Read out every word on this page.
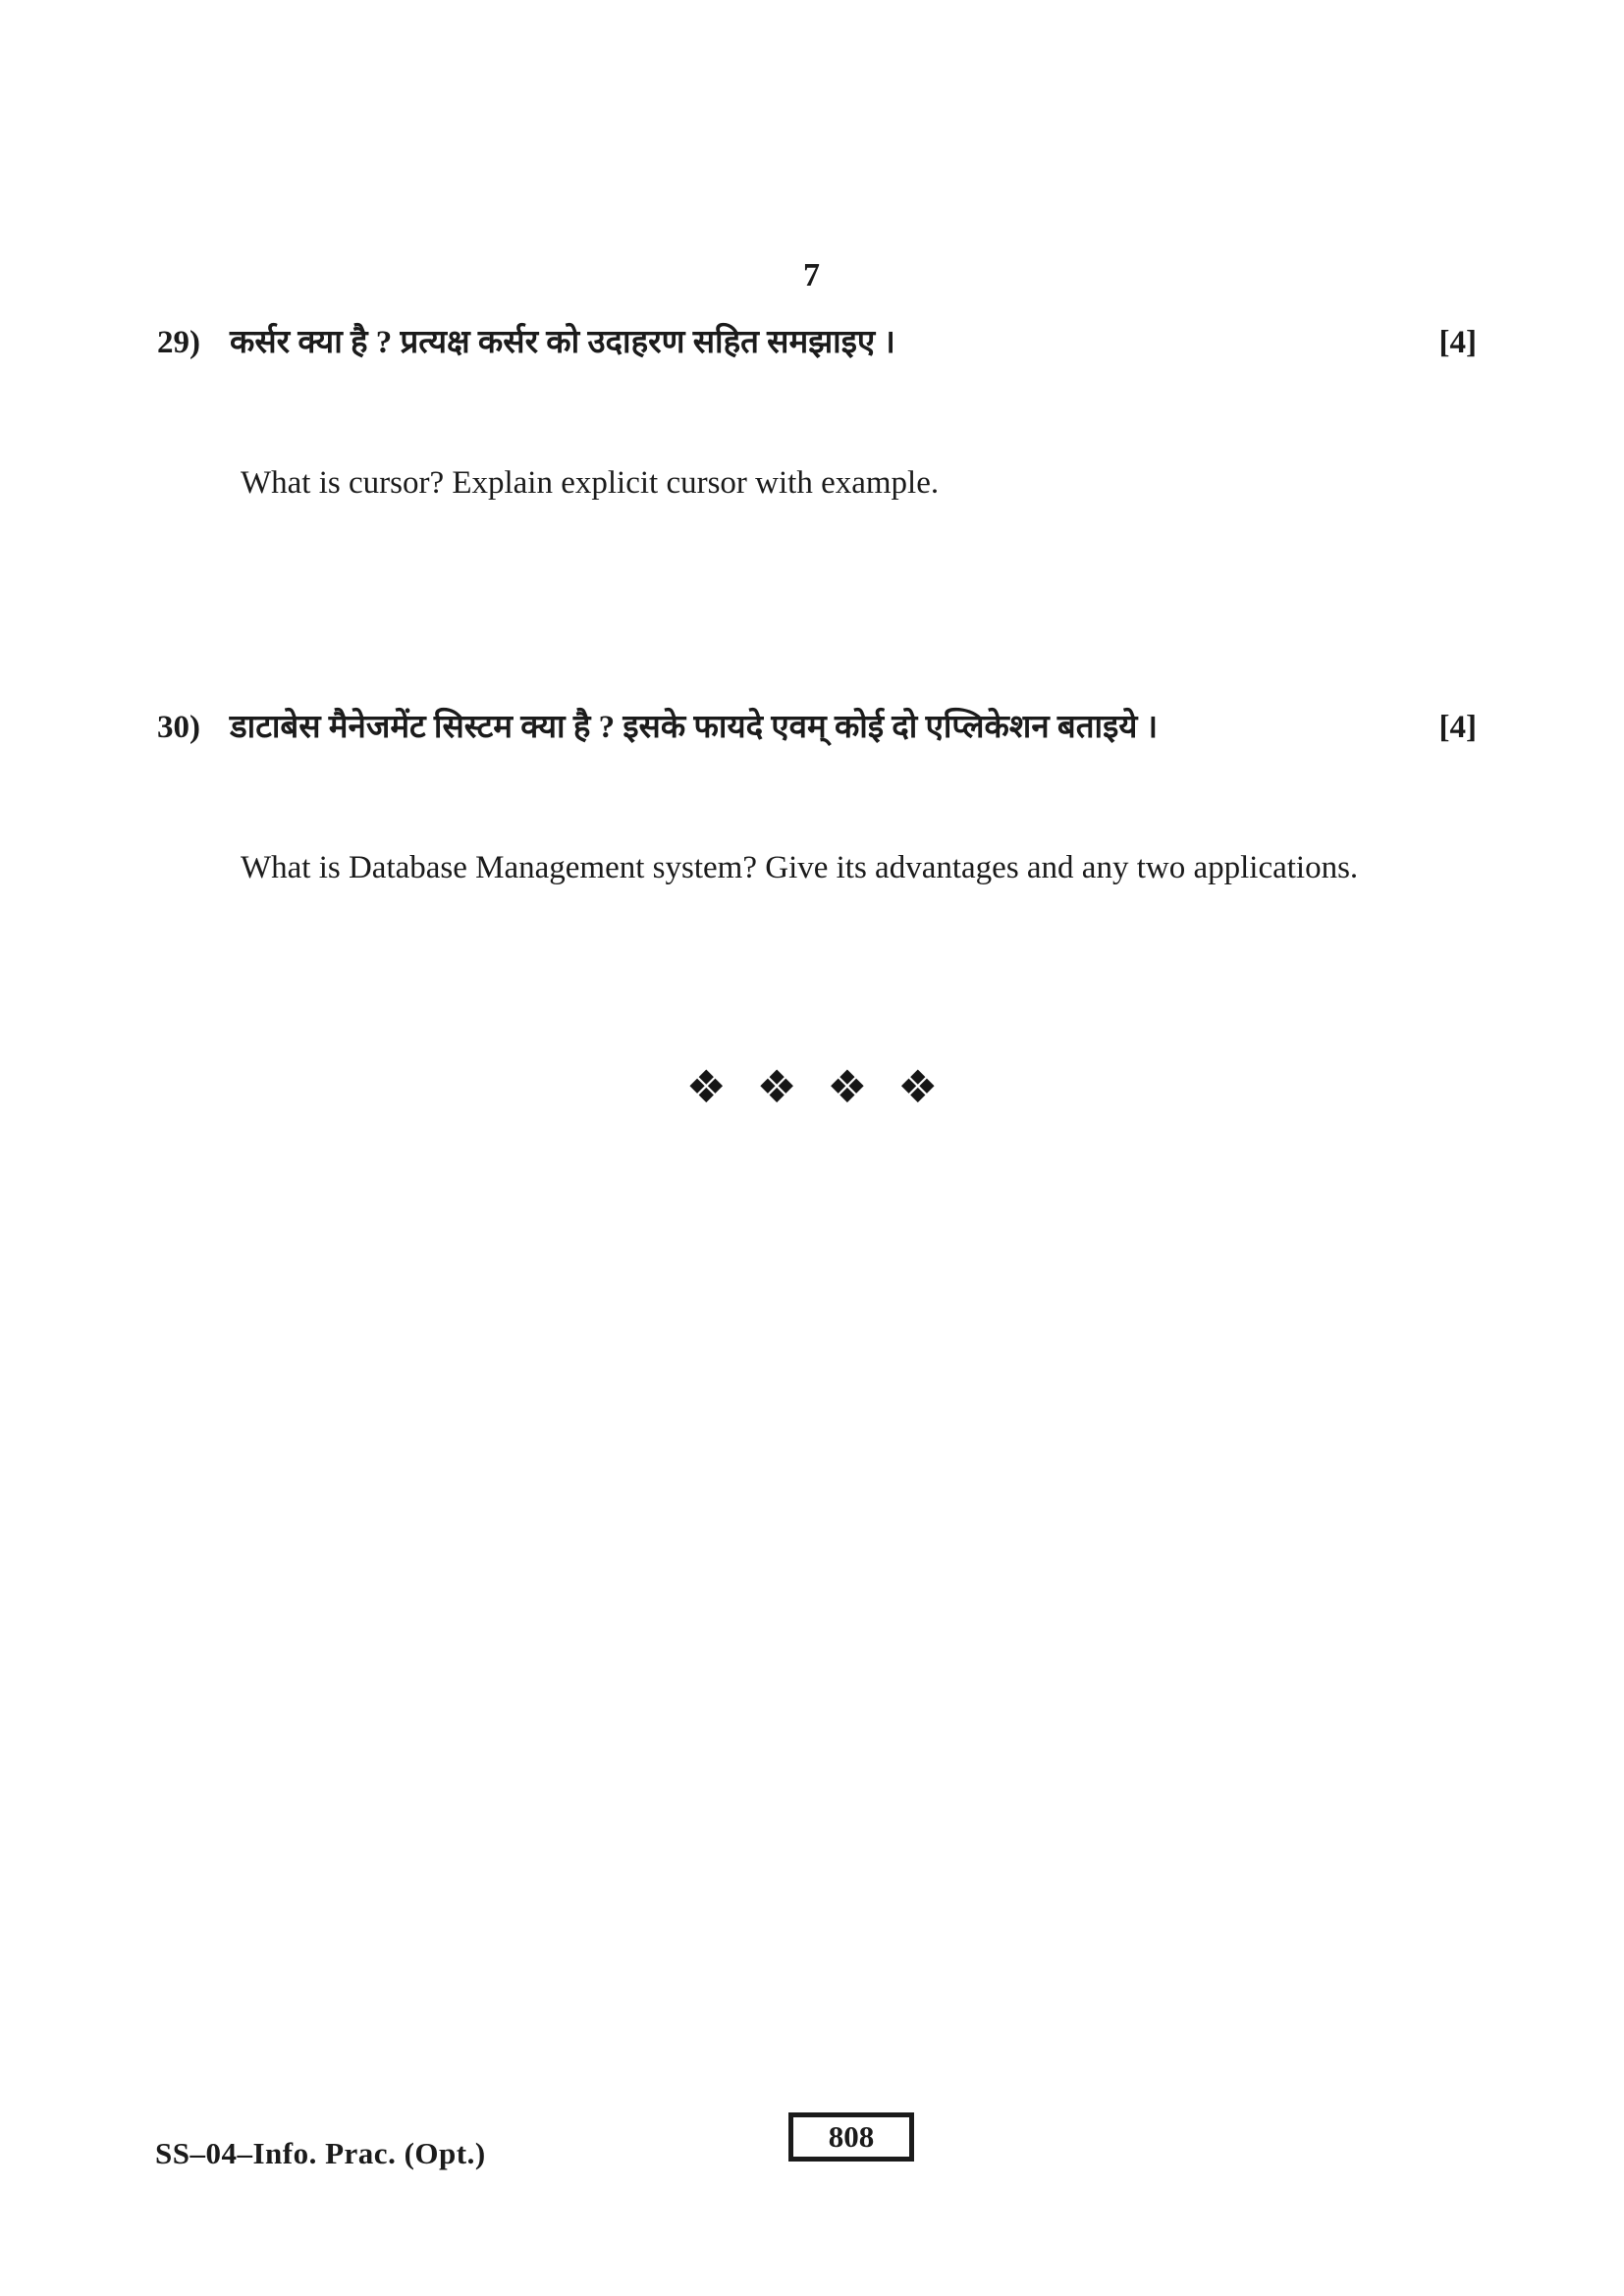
7
29) कर्सर क्या है ? प्रत्यक्ष कर्सर को उदाहरण सहित समझाइए ।	[4]

What is cursor? Explain explicit cursor with example.

30) डाटाबेस मैनेजमेंट सिस्टम क्या है ? इसके फायदे एवम् कोई दो एप्लिकेशन बताइये ।	[4]

What is Database Management system? Give its advantages and any two applications.

❖ ❖ ❖ ❖
SS–04–Info. Prac. (Opt.)	808
